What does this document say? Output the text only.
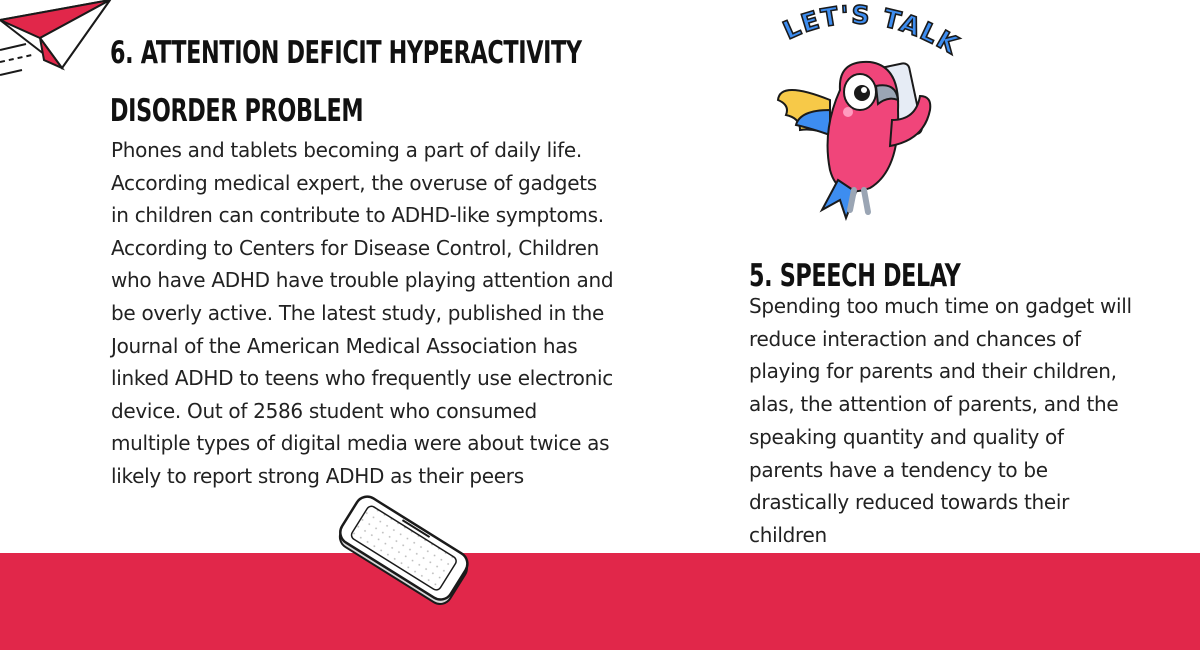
6. ATTENTION DEFICIT HYPERACTIVITY
DISORDER PROBLEM

Phones and tablets becoming a part of daily life.
According medical expert, the overuse of gadgets
in children can contribute to ADHD-like symptoms.
According to Centers for Disease Control, Children
who have ADHD have trouble playing attention and
be overly active. The latest study, published in the
Journal of the American Medical Association has
linked ADHD to teens who frequently use electronic
device. Out of 2586 student who consumed
multiple types of digital media were about twice as
likely to report strong ADHD as their peers

LET'S TALK
5. SPEECH DELAY

Spending too much time on gadget will
reduce interaction and chances of
playing for parents and their children,
alas, the attention of parents, and the
speaking quantity and quality of
parents have a tendency to be
drastically reduced towards their
children
